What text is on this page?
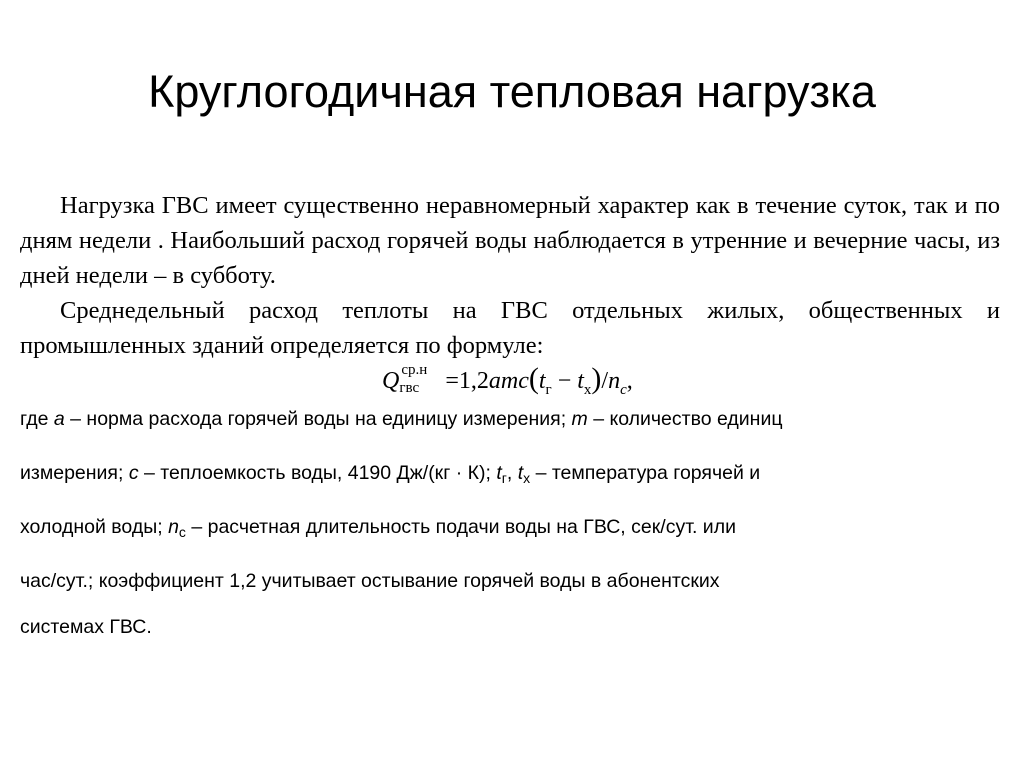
Круглогодичная тепловая нагрузка

Нагрузка ГВС имеет существенно неравномерный характер как в течение суток, так и по дням недели . Наибольший расход горячей воды наблюдается в утренние и вечерние часы, из дней недели – в субботу.

Среднедельный расход теплоты на ГВС отдельных жилых, общественных и промышленных зданий определяется по формуле:

Q ср.н
гвс =1,2amc(tг − tх)/nc,

где a – норма расхода горячей воды на единицу измерения; m – количество единиц

измерения; c – теплоемкость воды, 4190 Дж/(кг · К); $t_г$, $t_х$ – температура горячей и

холодной воды; $n_c$ – расчетная длительность подачи воды на ГВС, сек/сут. или

час/сут.; коэффициент 1,2 учитывает остывание горячей воды в абонентских

системах ГВС.
